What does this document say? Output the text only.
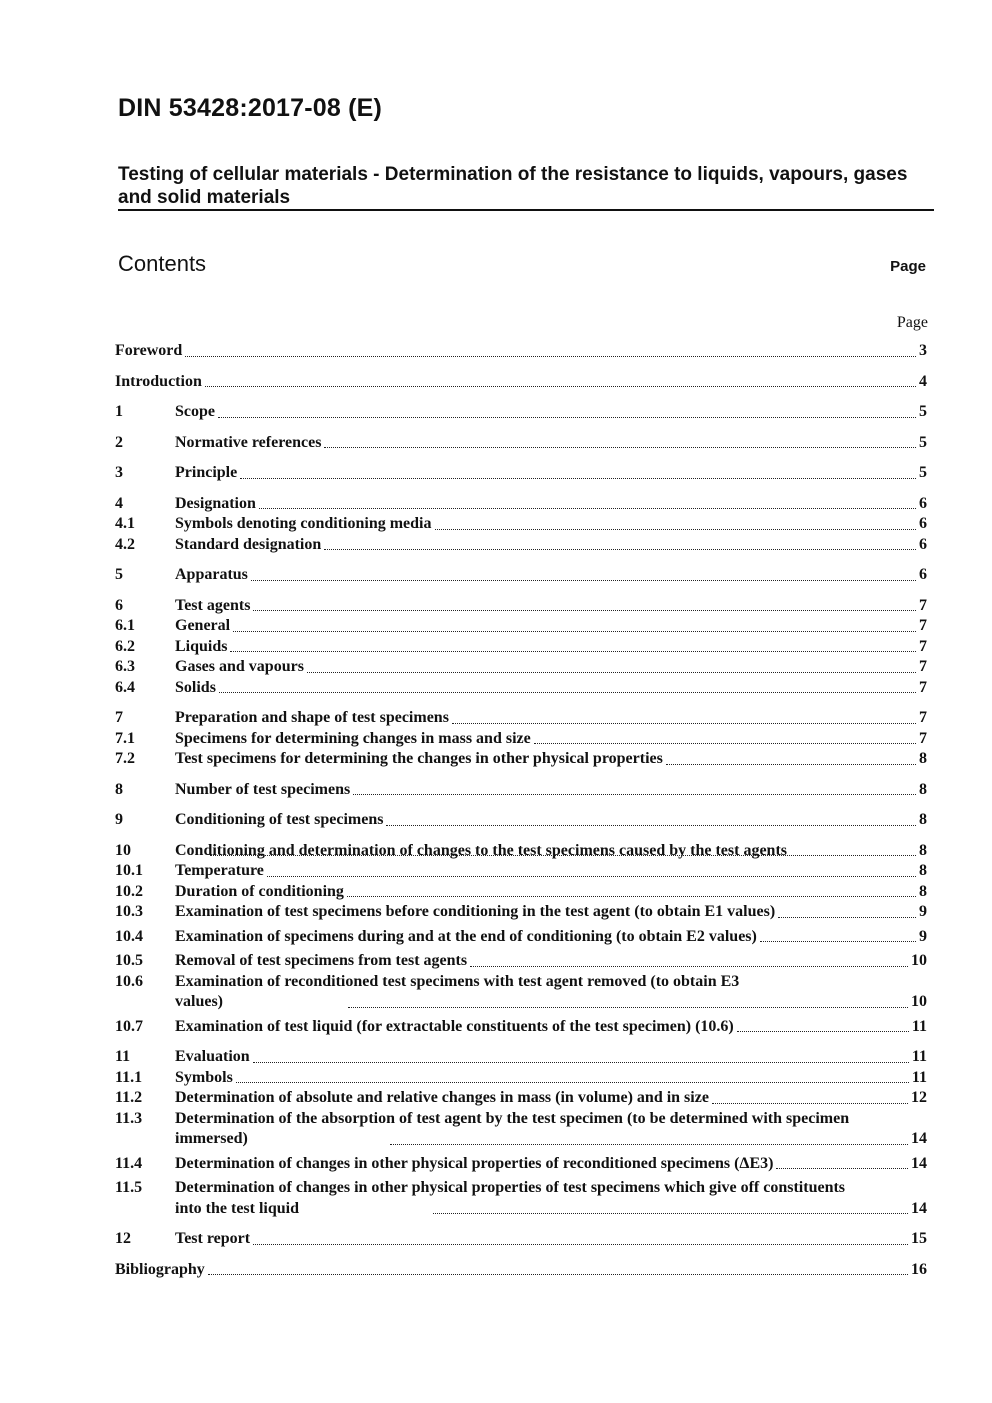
DIN 53428:2017-08 (E)
Testing of cellular materials - Determination of the resistance to liquids, vapours, gases and solid materials
Contents	Page
Page
Foreword	3
Introduction	4
1	Scope	5
2	Normative references	5
3	Principle	5
4	Designation	6
4.1	Symbols denoting conditioning media	6
4.2	Standard designation	6
5	Apparatus	6
6	Test agents	7
6.1	General	7
6.2	Liquids	7
6.3	Gases and vapours	7
6.4	Solids	7
7	Preparation and shape of test specimens	7
7.1	Specimens for determining changes in mass and size	7
7.2	Test specimens for determining the changes in other physical properties	8
8	Number of test specimens	8
9	Conditioning of test specimens	8
10	Conditioning and determination of changes to the test specimens caused by the test agents	8
10.1	Temperature	8
10.2	Duration of conditioning	8
10.3	Examination of test specimens before conditioning in the test agent (to obtain E1 values)	9
10.4	Examination of specimens during and at the end of conditioning (to obtain E2 values)	9
10.5	Removal of test specimens from test agents	10
10.6	Examination of reconditioned test specimens with test agent removed (to obtain E3 values)	10
10.7	Examination of test liquid (for extractable constituents of the test specimen) (10.6)	11
11	Evaluation	11
11.1	Symbols	11
11.2	Determination of absolute and relative changes in mass (in volume) and in size	12
11.3	Determination of the absorption of test agent by the test specimen (to be determined with specimen immersed)	14
11.4	Determination of changes in other physical properties of reconditioned specimens (ΔE3)	14
11.5	Determination of changes in other physical properties of test specimens which give off constituents into the test liquid	14
12	Test report	15
Bibliography	16
